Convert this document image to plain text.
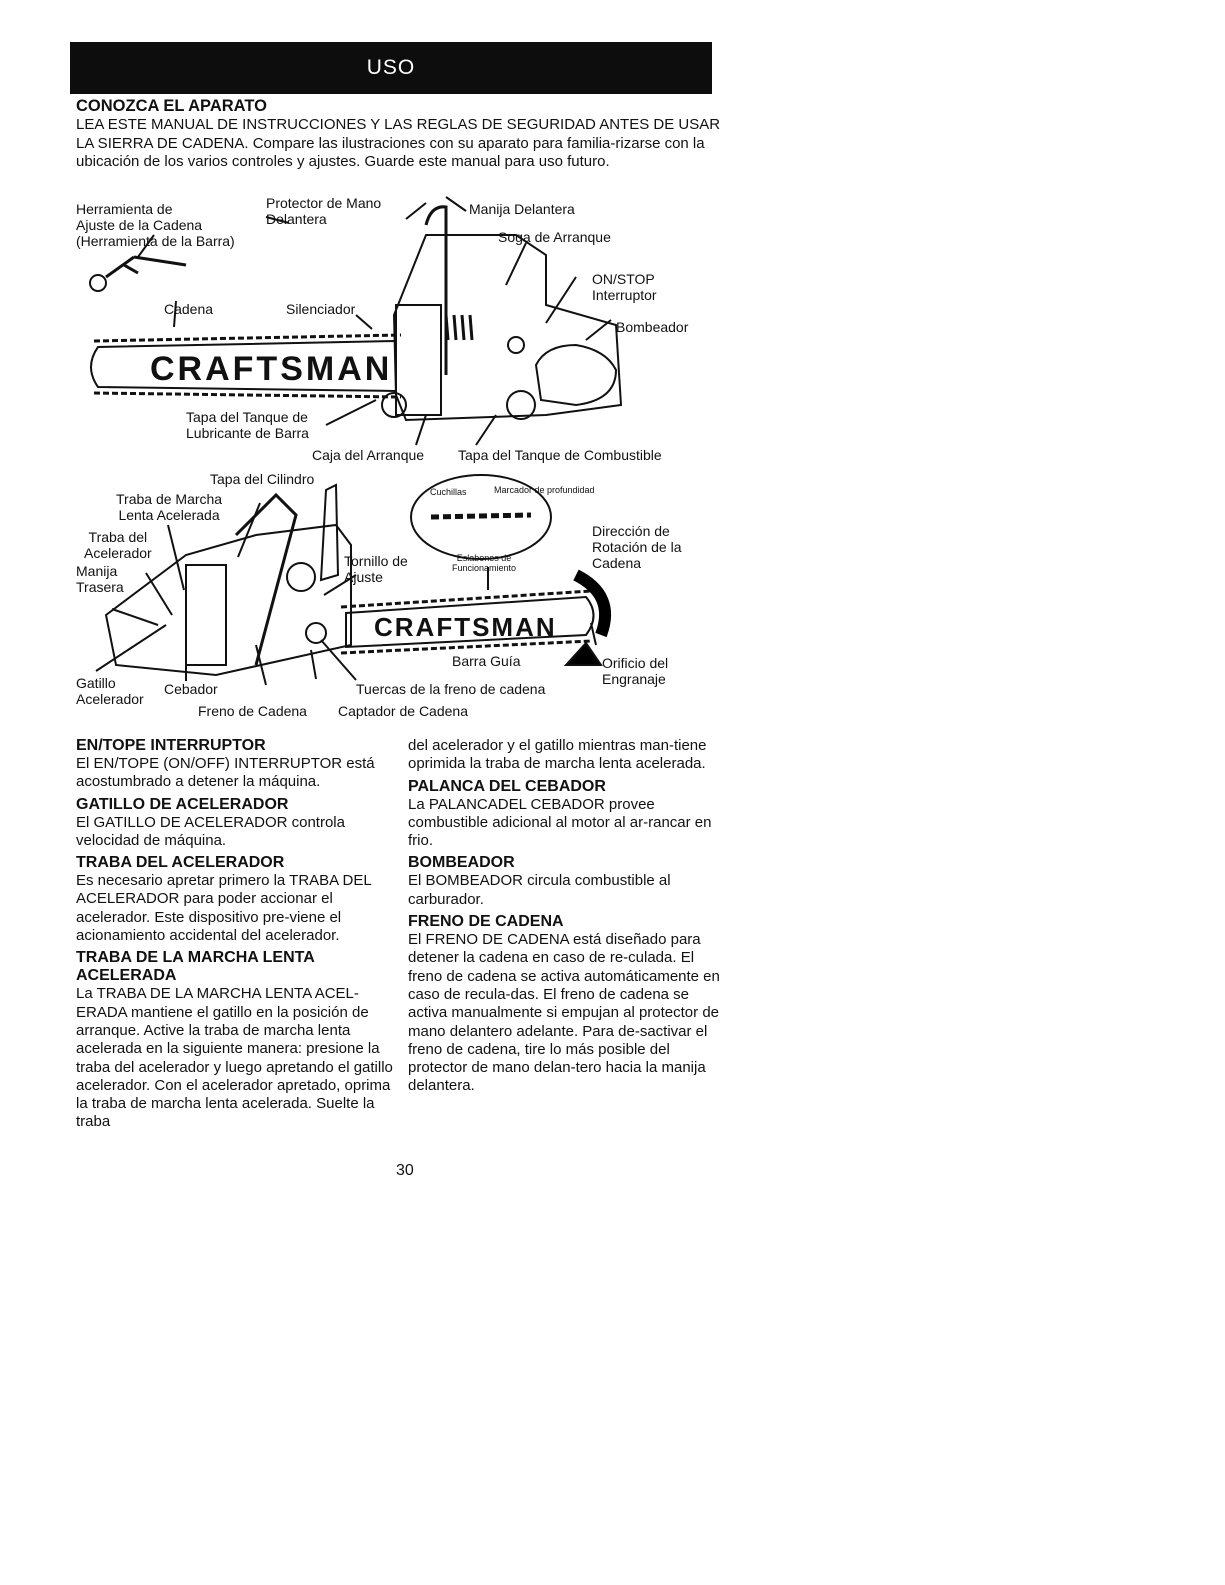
USO
CONOZCA EL APARATO

LEA ESTE MANUAL DE INSTRUCCIONES Y LAS REGLAS DE SEGURIDAD ANTES DE USAR LA SIERRA DE CADENA. Compare las ilustraciones con su aparato para familia-rizarse con la ubicación de los varios controles y ajustes. Guarde este manual para uso futuro.

CRAFTSMAN
CRAFTSMAN
Herramienta de
Ajuste de la Cadena
(Herramienta de la Barra)
Protector de Mano
Delantera
Manija Delantera
Soga de Arranque
ON/STOP
Interruptor
Bombeador
Cadena	Silenciador
Tapa del Tanque de
Lubricante de Barra
Caja del Arranque Tapa del Tanque de Combustible
Tapa del Cilindro
Traba de Marcha
Lenta Acelerada
Traba del
Acelerador
Manija
Trasera
Tornillo de
Ajuste
Cuchillas	Marcador de profundidad
Eslabones de
Funcionamiento
Dirección de
Rotación de la
Cadena
Barra Guía	Orificio del
Engranaje
Gatillo
Acelerador
Cebador	Tuercas de la freno de cadena
Freno de Cadena Captador de Cadena
EN/TOPE INTERRUPTOR

El EN/TOPE (ON/OFF) INTERRUPTOR está acostumbrado a detener la máquina.

GATILLO DE ACELERADOR

El GATILLO DE ACELERADOR controla velocidad de máquina.

TRABA DEL ACELERADOR

Es necesario apretar primero la TRABA DEL ACELERADOR para poder accionar el acelerador. Este dispositivo pre-viene el acionamiento accidental del acelerador.

TRABA DE LA MARCHA LENTA ACELERADA

La TRABA DE LA MARCHA LENTA ACEL-ERADA mantiene el gatillo en la posición de arranque. Active la traba de marcha lenta acelerada en la siguiente manera: presione la traba del acelerador y luego apretando el gatillo acelerador. Con el acelerador apretado, oprima la traba de marcha lenta acelerada. Suelte la traba

del acelerador y el gatillo mientras man-tiene oprimida la traba de marcha lenta acelerada.

PALANCA DEL CEBADOR

La PALANCADEL CEBADOR provee combustible adicional al motor al ar-rancar en frio.

BOMBEADOR

El BOMBEADOR circula combustible al carburador.

FRENO DE CADENA

El FRENO DE CADENA está diseñado para detener la cadena en caso de re-culada. El freno de cadena se activa automáticamente en caso de recula-das. El freno de cadena se activa manualmente si empujan al protector de mano delantero adelante. Para de-sactivar el freno de cadena, tire lo más posible del protector de mano delan-tero hacia la manija delantera.

30
